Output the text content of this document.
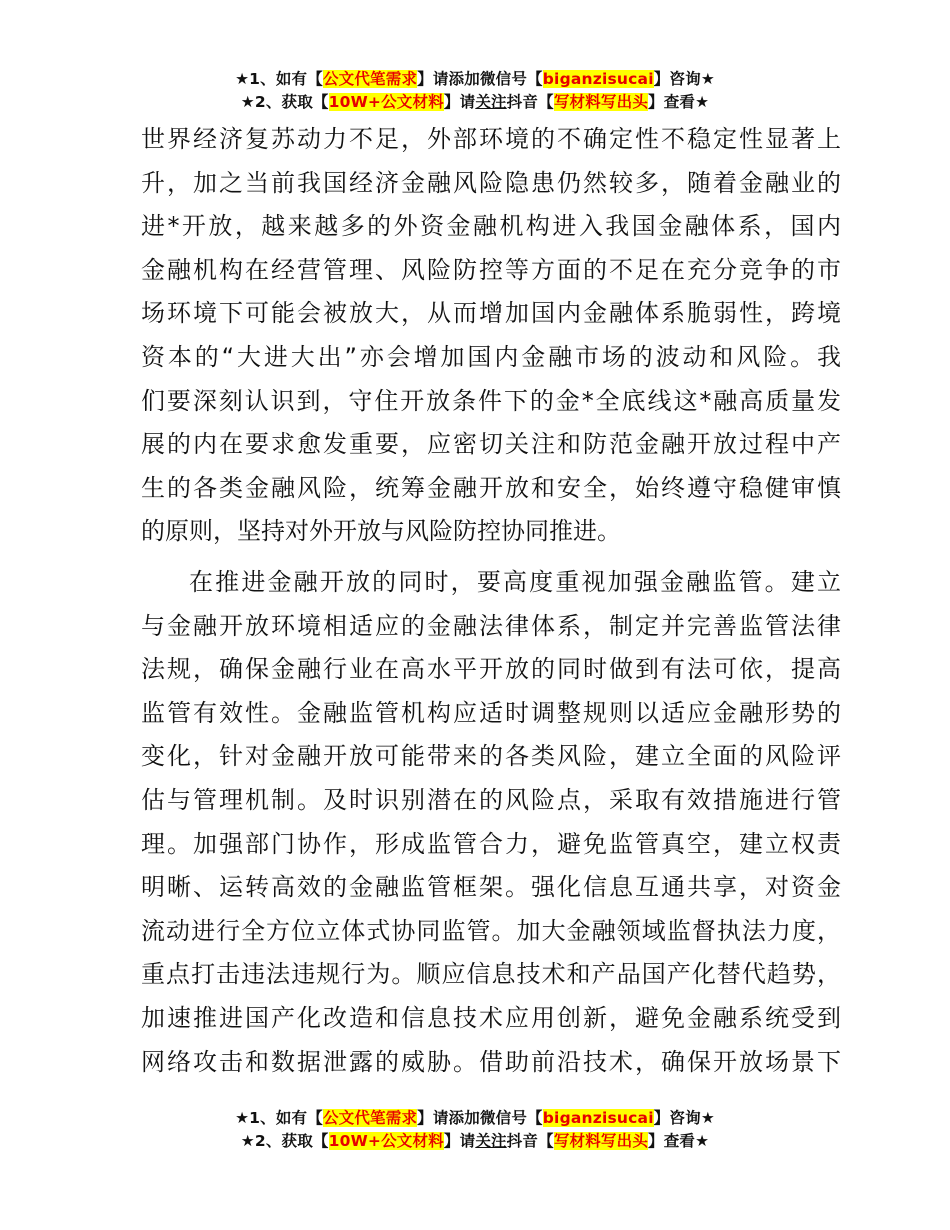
★1、如有【公文代笔需求】请添加微信号【biganzisucai】咨询★
★2、获取【10W+公文材料】请关注抖音【写材料写出头】查看★
世界经济复苏动力不足，外部环境的不确定性不稳定性显著上
升，加之当前我国经济金融风险隐患仍然较多，随着金融业的
进*开放，越来越多的外资金融机构进入我国金融体系，国内
金融机构在经营管理、风险防控等方面的不足在充分竞争的市
场环境下可能会被放大，从而增加国内金融体系脆弱性，跨境
资本的“大进大出”亦会增加国内金融市场的波动和风险。我
们要深刻认识到，守住开放条件下的金*全底线这*融高质量发
展的内在要求愈发重要，应密切关注和防范金融开放过程中产
生的各类金融风险，统筹金融开放和安全，始终遵守稳健审慎
的原则，坚持对外开放与风险防控协同推进。
在推进金融开放的同时，要高度重视加强金融监管。建立
与金融开放环境相适应的金融法律体系，制定并完善监管法律
法规，确保金融行业在高水平开放的同时做到有法可依，提高
监管有效性。金融监管机构应适时调整规则以适应金融形势的
变化，针对金融开放可能带来的各类风险，建立全面的风险评
估与管理机制。及时识别潜在的风险点，采取有效措施进行管
理。加强部门协作，形成监管合力，避免监管真空，建立权责
明晰、运转高效的金融监管框架。强化信息互通共享，对资金
流动进行全方位立体式协同监管。加大金融领域监督执法力度，
重点打击违法违规行为。顺应信息技术和产品国产化替代趋势，
加速推进国产化改造和信息技术应用创新，避免金融系统受到
网络攻击和数据泄露的威胁。借助前沿技术，确保开放场景下
★1、如有【公文代笔需求】请添加微信号【biganzisucai】咨询★
★2、获取【10W+公文材料】请关注抖音【写材料写出头】查看★
